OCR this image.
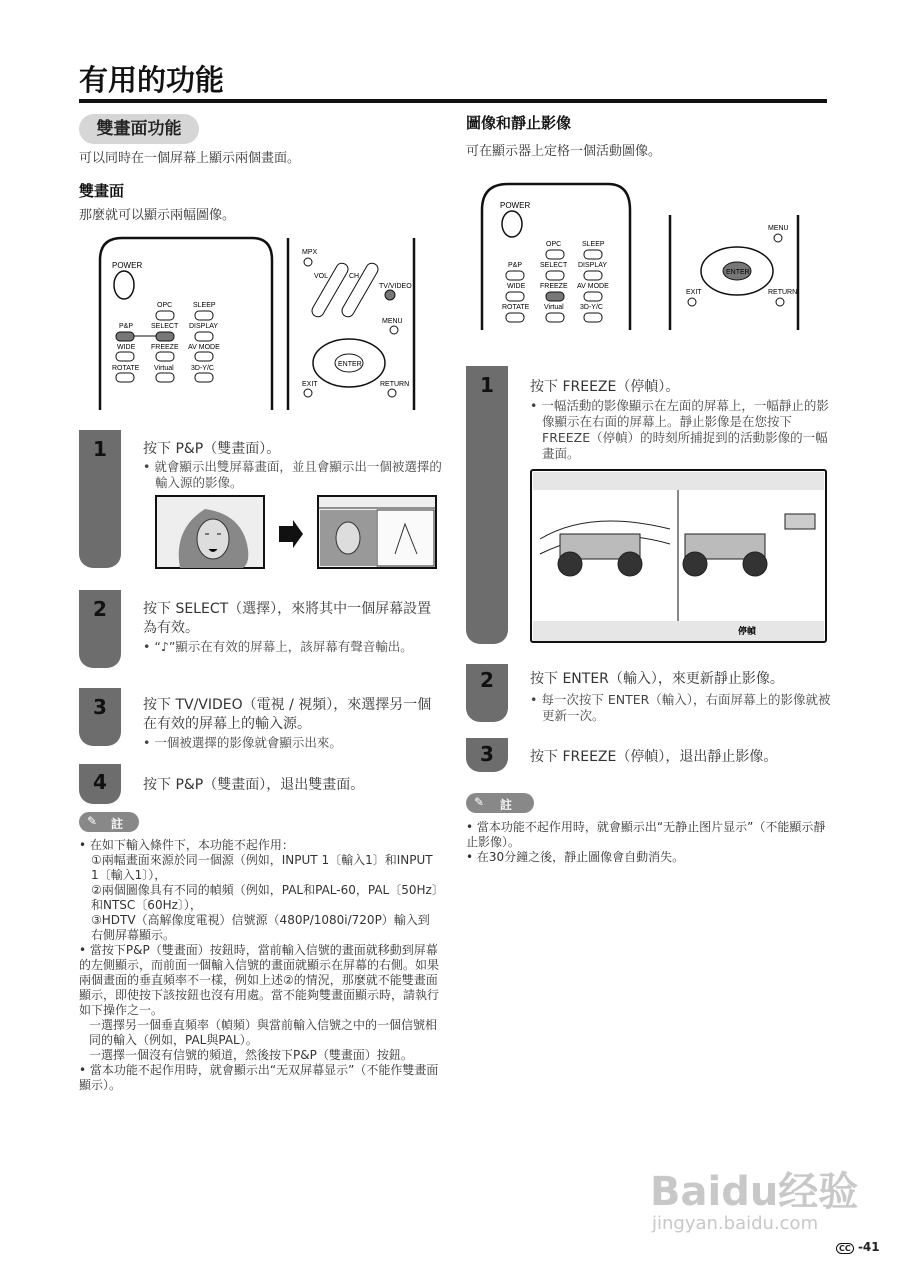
有用的功能
雙畫面功能
可以同時在一個屏幕上顯示兩個畫面。
雙畫面
那麼就可以顯示兩幅圖像。
圖像和靜止影像
可在顯示器上定格一個活動圖像。
POWER
OPC	SLEEP
P&P	SELECT DISPLAY
WIDE FREEZE AV MODE
ROTATE Virtual 3D-Y/C
MPX
VOL	CH
TV/VIDEO
MENU
ENTER
EXIT	RETURN
POWER
OPC	SLEEP
P&P	SELECT DISPLAY
WIDE FREEZE AV MODE
ROTATE Virtual 3D-Y/C
MENU
ENTER
EXIT	RETURN
1	按下 P&P（雙畫面）。
• 就會顯示出雙屏幕畫面，並且會顯示出一個被選擇的輸入源的影像。
2	按下 SELECT（選擇），來將其中一個屏幕設置為有效。
• “♪”顯示在有效的屏幕上，該屏幕有聲音輸出。
3	按下 TV/VIDEO（電視 / 視頻），來選擇另一個在有效的屏幕上的輸入源。
• 一個被選擇的影像就會顯示出來。
4	按下 P&P（雙畫面），退出雙畫面。
✎ 註

• 在如下輸入條件下，本功能不起作用：

①兩幅畫面來源於同一個源（例如，INPUT 1〔輸入1〕和INPUT 1〔輸入1〕），

②兩個圖像具有不同的幀頻（例如，PAL和PAL-60，PAL〔50Hz〕和NTSC〔60Hz〕），

③HDTV（高解像度電視）信號源（480P/1080i/720P）輸入到右側屏幕顯示。

• 當按下P&P（雙畫面）按鈕時，當前輸入信號的畫面就移動到屏幕的左側顯示，而前面一個輸入信號的畫面就顯示在屏幕的右側。如果兩個畫面的垂直頻率不一樣，例如上述②的情況，那麼就不能雙畫面顯示，即使按下該按鈕也沒有用處。當不能夠雙畫面顯示時，請執行如下操作之一。

一選擇另一個垂直頻率（幀頻）與當前輸入信號之中的一個信號相同的輸入（例如，PAL與PAL）。

一選擇一個沒有信號的頻道，然後按下P&P（雙畫面）按鈕。

• 當本功能不起作用時，就會顯示出“无双屏幕显示”（不能作雙畫面顯示）。

1	按下 FREEZE（停幀）。
• 一幅活動的影像顯示在左面的屏幕上，一幅靜止的影像顯示在右面的屏幕上。靜止影像是在您按下 FREEZE（停幀）的時刻所捕捉到的活動影像的一幅畫面。
停幀
2	按下 ENTER（輸入），來更新靜止影像。
• 每一次按下 ENTER（輸入），右面屏幕上的影像就被更新一次。
3	按下 FREEZE（停幀），退出靜止影像。
✎ 註

• 當本功能不起作用時，就會顯示出“无静止图片显示”（不能顯示靜止影像）。

• 在30分鐘之後，靜止圖像會自動消失。

Baidu经验
jingyan.baidu.com
CC -41
